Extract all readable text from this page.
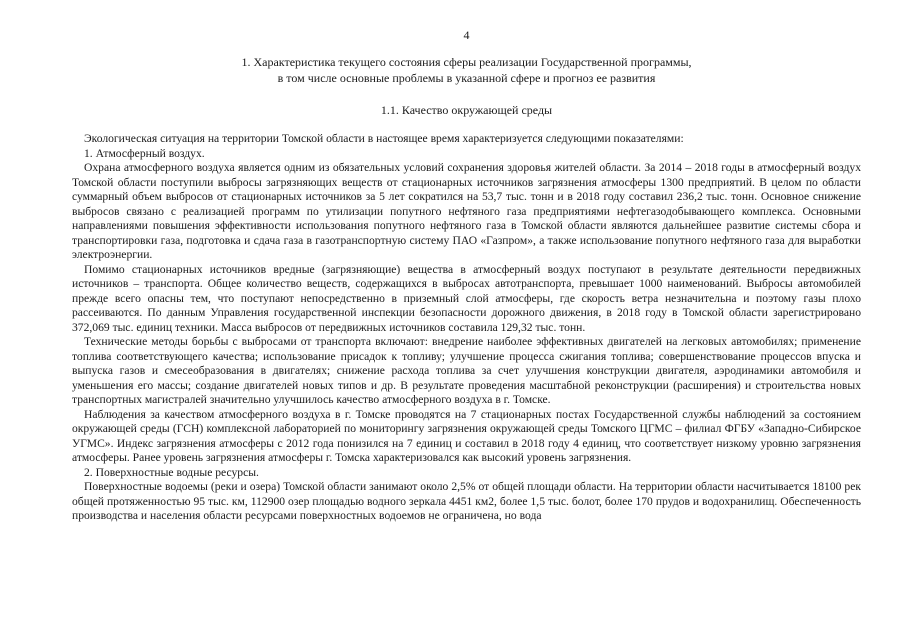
4

1. Характеристика текущего состояния сферы реализации Государственной программы,

в том числе основные проблемы в указанной сфере и прогноз ее развития

1.1. Качество окружающей среды

Экологическая ситуация на территории Томской области в настоящее время характеризуется следующими показателями:

1. Атмосферный воздух.

Охрана атмосферного воздуха является одним из обязательных условий сохранения здоровья жителей области. За 2014 – 2018 годы в атмосферный воздух Томской области поступили выбросы загрязняющих веществ от стационарных источников загрязнения атмосферы 1300 предприятий. В целом по области суммарный объем выбросов от стационарных источников за 5 лет сократился на 53,7 тыс. тонн и в 2018 году составил 236,2 тыс. тонн. Основное снижение выбросов связано с реализацией программ по утилизации попутного нефтяного газа предприятиями нефтегазодобывающего комплекса. Основными направлениями повышения эффективности использования попутного нефтяного газа в Томской области являются дальнейшее развитие системы сбора и транспортировки газа, подготовка и сдача газа в газотранспортную систему ПАО «Газпром», а также использование попутного нефтяного газа для выработки электроэнергии.

Помимо стационарных источников вредные (загрязняющие) вещества в атмосферный воздух поступают в результате деятельности передвижных источников – транспорта. Общее количество веществ, содержащихся в выбросах автотранспорта, превышает 1000 наименований. Выбросы автомобилей прежде всего опасны тем, что поступают непосредственно в приземный слой атмосферы, где скорость ветра незначительна и поэтому газы плохо рассеиваются. По данным Управления государственной инспекции безопасности дорожного движения, в 2018 году в Томской области зарегистрировано 372,069 тыс. единиц техники. Масса выбросов от передвижных источников составила 129,32 тыс. тонн.

Технические методы борьбы с выбросами от транспорта включают: внедрение наиболее эффективных двигателей на легковых автомобилях; применение топлива соответствующего качества; использование присадок к топливу; улучшение процесса сжигания топлива; совершенствование процессов впуска и выпуска газов и смесеобразования в двигателях; снижение расхода топлива за счет улучшения конструкции двигателя, аэродинамики автомобиля и уменьшения его массы; создание двигателей новых типов и др. В результате проведения масштабной реконструкции (расширения) и строительства новых транспортных магистралей значительно улучшилось качество атмосферного воздуха в г. Томске.

Наблюдения за качеством атмосферного воздуха в г. Томске проводятся на 7 стационарных постах Государственной службы наблюдений за состоянием окружающей среды (ГСН) комплексной лабораторией по мониторингу загрязнения окружающей среды Томского ЦГМС – филиал ФГБУ «Западно-Сибирское УГМС». Индекс загрязнения атмосферы с 2012 года понизился на 7 единиц и составил в 2018 году 4 единиц, что соответствует низкому уровню загрязнения атмосферы. Ранее уровень загрязнения атмосферы г. Томска характеризовался как высокий уровень загрязнения.

2. Поверхностные водные ресурсы.

Поверхностные водоемы (реки и озера) Томской области занимают около 2,5% от общей площади области. На территории области насчитывается 18100 рек общей протяженностью 95 тыс. км, 112900 озер площадью водного зеркала 4451 км2, более 1,5 тыс. болот, более 170 прудов и водохранилищ. Обеспеченность производства и населения области ресурсами поверхностных водоемов не ограничена, но вода
